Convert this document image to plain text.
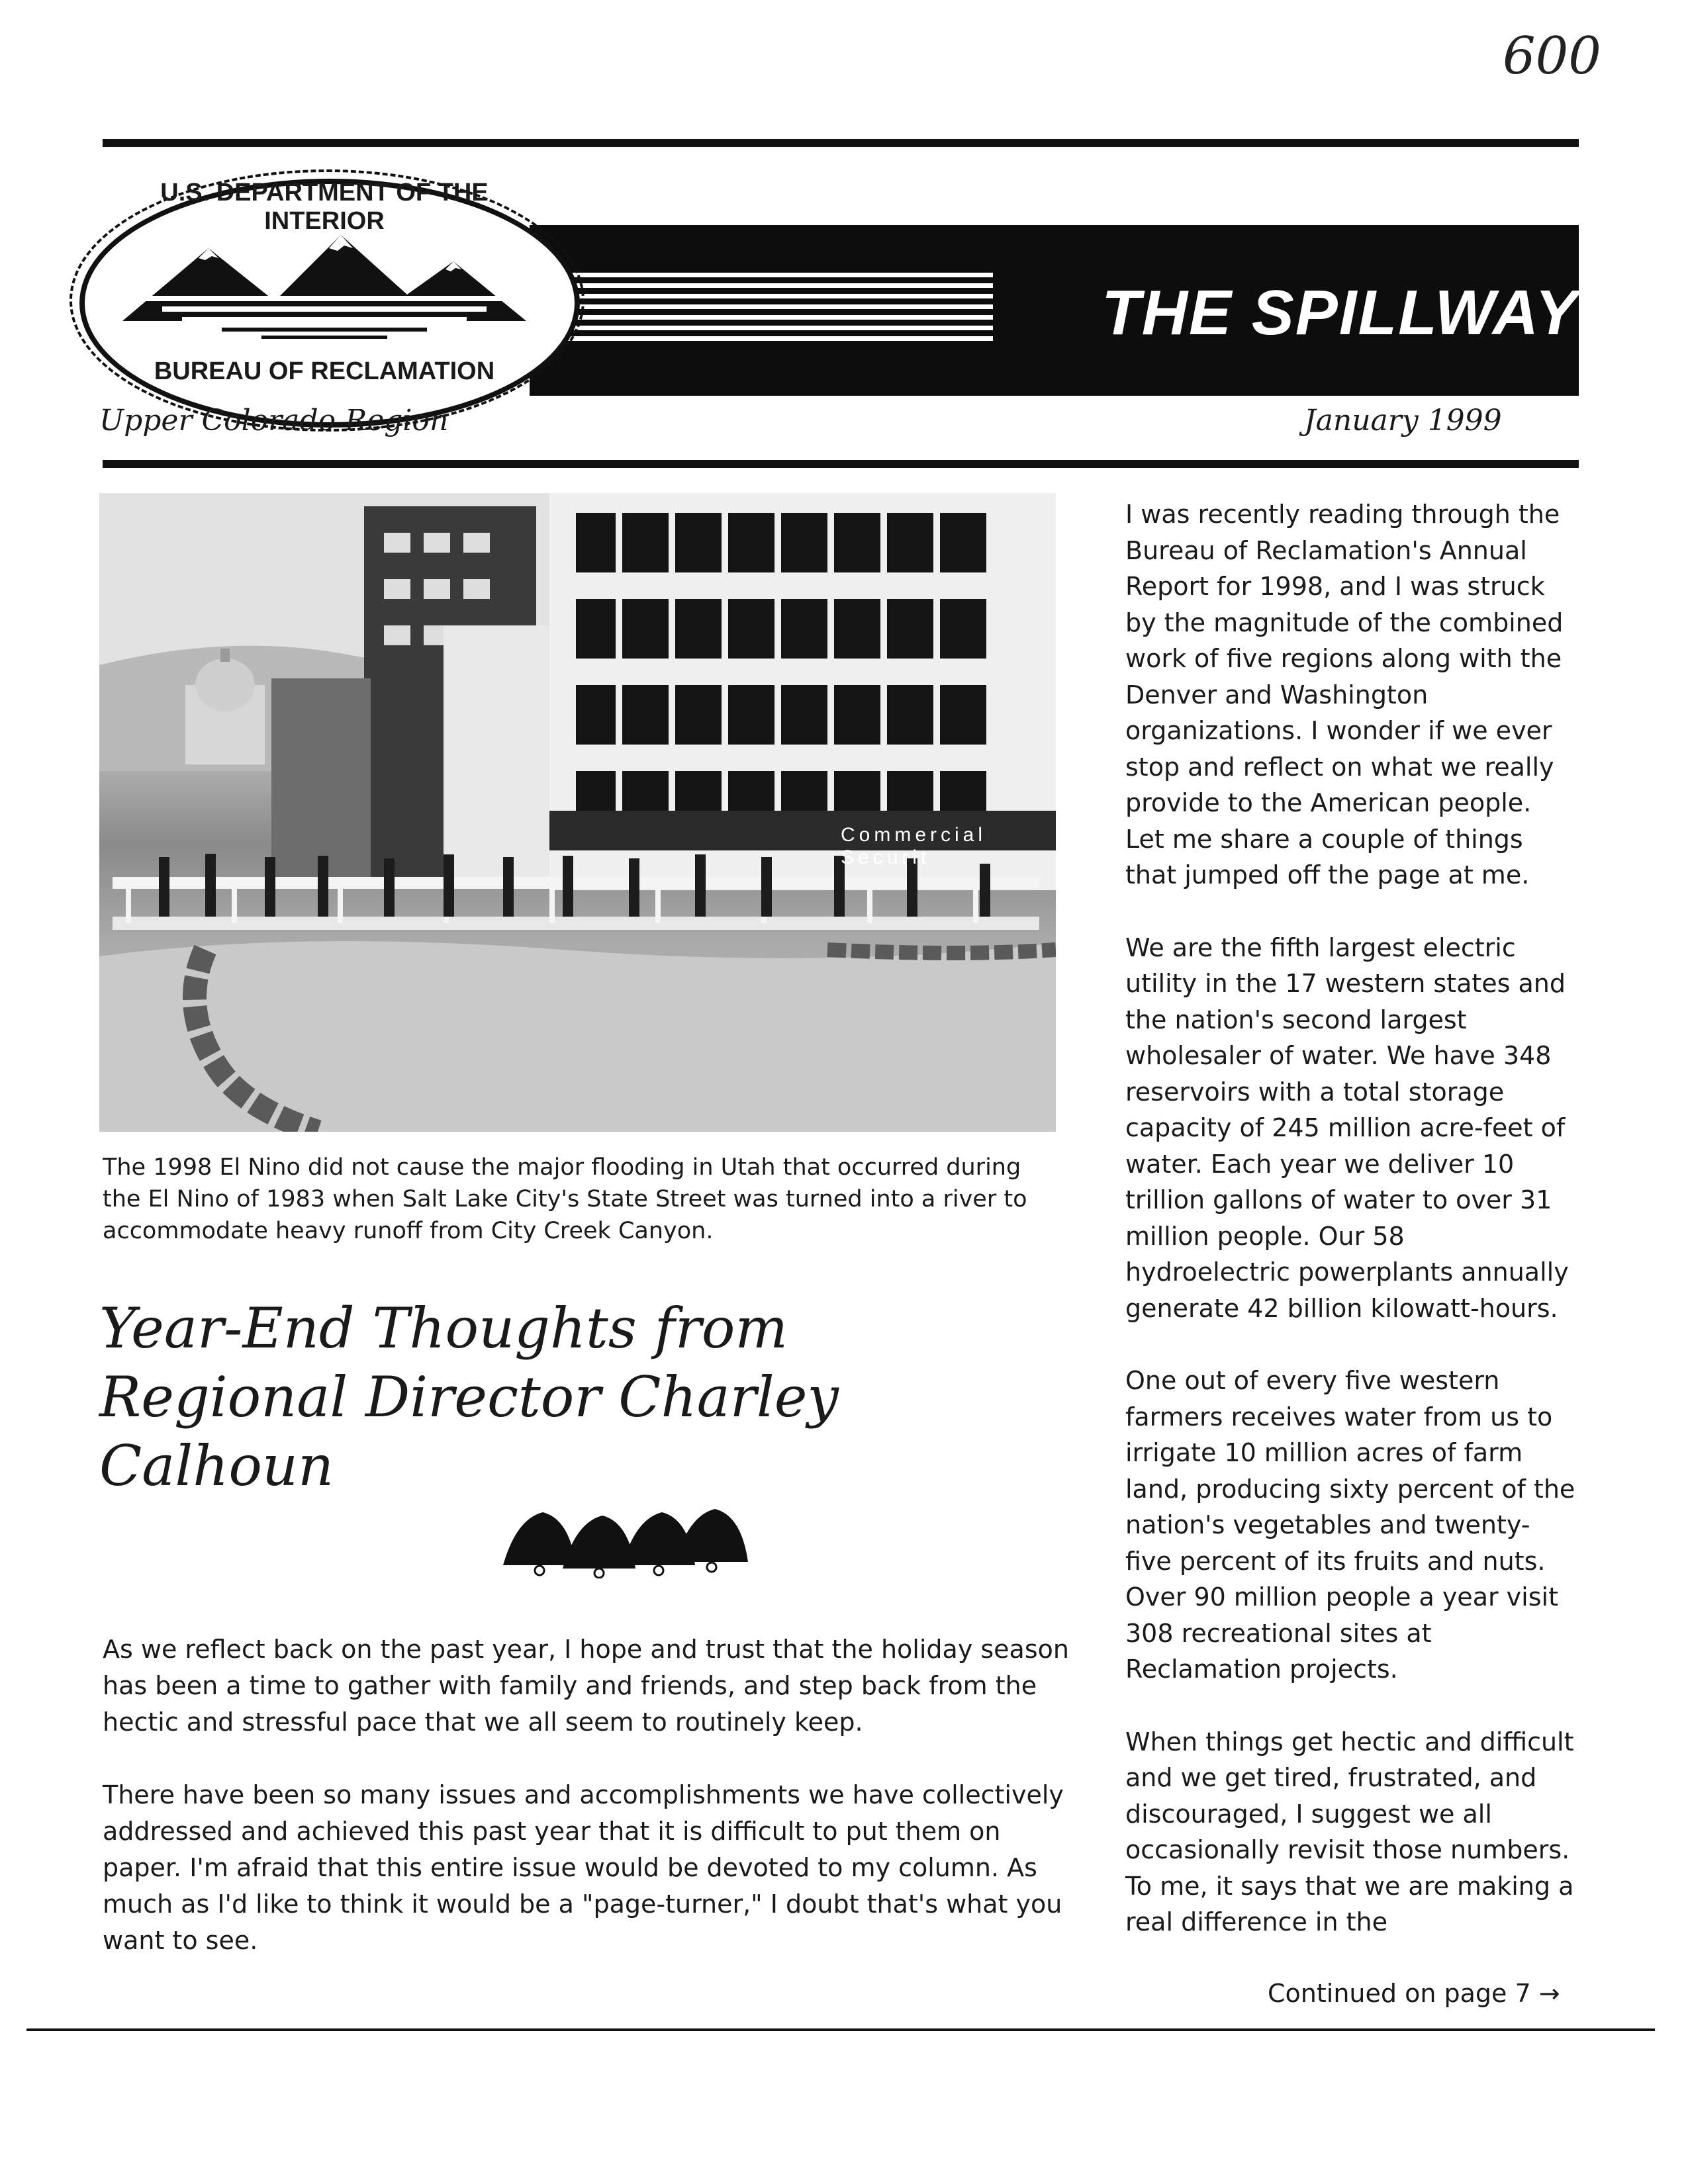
600
THE SPILLWAY
U.S. DEPARTMENT OF THE INTERIOR
BUREAU OF RECLAMATION
Upper Colorado Region	January 1999
Commercial Securit
The 1998 El Nino did not cause the major flooding in Utah that occurred during the El Nino of 1983 when Salt Lake City's State Street was turned into a river to accommodate heavy runoff from City Creek Canyon.
Year-End Thoughts from Regional Director Charley Calhoun

As we reflect back on the past year, I hope and trust that the holiday season has been a time to gather with family and friends, and step back from the hectic and stressful pace that we all seem to routinely keep.

There have been so many issues and accomplishments we have collectively addressed and achieved this past year that it is difficult to put them on paper. I'm afraid that this entire issue would be devoted to my column. As much as I'd like to think it would be a "page-turner," I doubt that's what you want to see.

I was recently reading through the Bureau of Reclamation's Annual Report for 1998, and I was struck by the magnitude of the combined work of five regions along with the Denver and Washington organizations. I wonder if we ever stop and reflect on what we really provide to the American people. Let me share a couple of things that jumped off the page at me.

We are the fifth largest electric utility in the 17 western states and the nation's second largest wholesaler of water. We have 348 reservoirs with a total storage capacity of 245 million acre-feet of water. Each year we deliver 10 trillion gallons of water to over 31 million people. Our 58 hydroelectric powerplants annually generate 42 billion kilowatt-hours.

One out of every five western farmers receives water from us to irrigate 10 million acres of farm land, producing sixty percent of the nation's vegetables and twenty-five percent of its fruits and nuts. Over 90 million people a year visit 308 recreational sites at Reclamation projects.

When things get hectic and difficult and we get tired, frustrated, and discouraged, I suggest we all occasionally revisit those numbers. To me, it says that we are making a real difference in the

Continued on page 7 →
